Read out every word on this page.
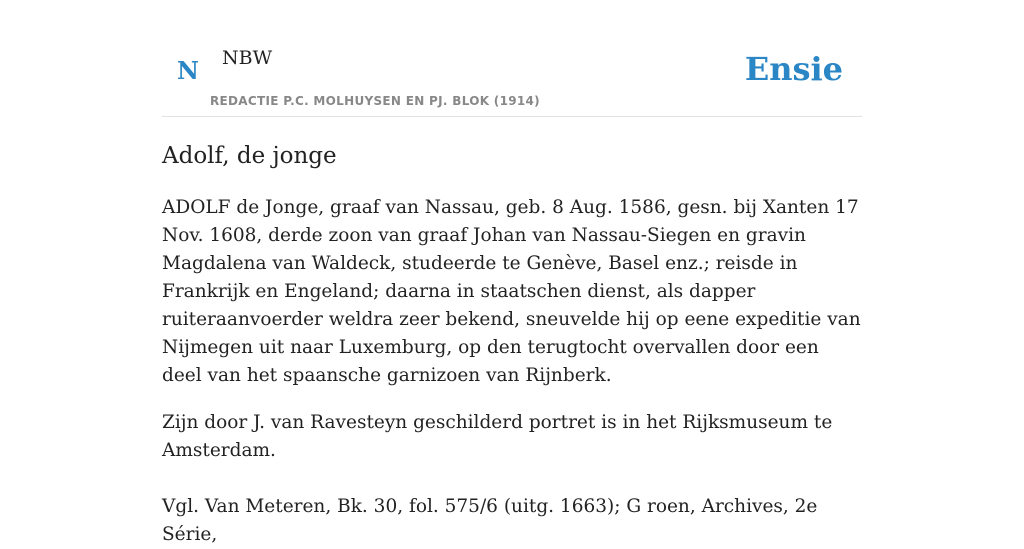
N NBW
REDACTIE P.C. MOLHUYSEN EN PJ. BLOK (1914)
Ensie
Adolf, de jonge

ADOLF de Jonge, graaf van Nassau, geb. 8 Aug. 1586, gesn. bij Xanten 17 Nov. 1608, derde zoon van graaf Johan van Nassau-Siegen en gravin Magdalena van Waldeck, studeerde te Genève, Basel enz.; reisde in Frankrijk en Engeland; daarna in staatschen dienst, als dapper ruiteraanvoerder weldra zeer bekend, sneuvelde hij op eene expeditie van Nijmegen uit naar Luxemburg, op den terugtocht overvallen door een deel van het spaansche garnizoen van Rijnberk.

Zijn door J. van Ravesteyn geschilderd portret is in het Rijksmuseum te Amsterdam.

Vgl. Van Meteren, Bk. 30, fol. 575/6 (uitg. 1663); G roen, Archives, 2e Série,
